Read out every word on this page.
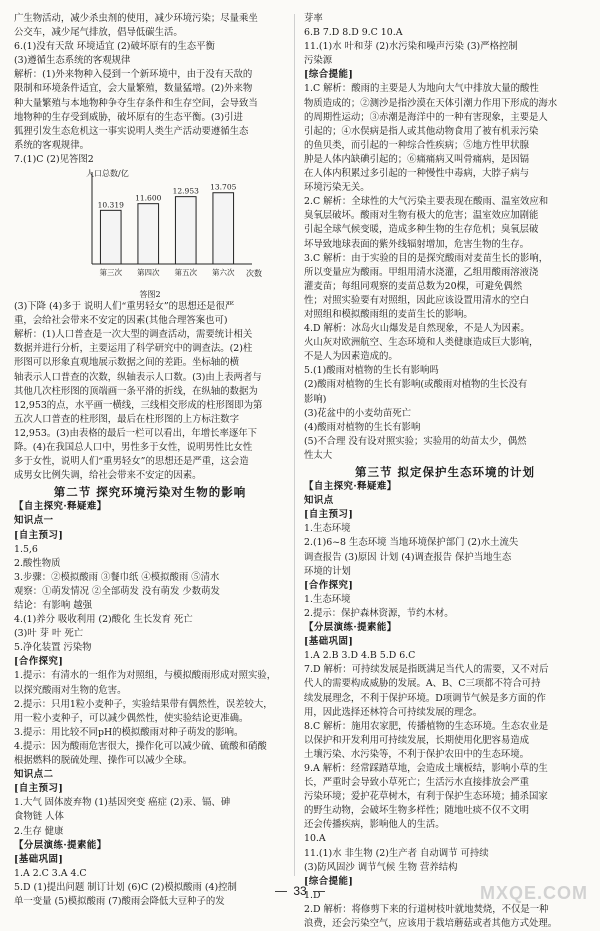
广生物活动，减少杀虫剂的使用，减少环境污染；尽量乘坐
公交车，减少尾气排放，倡导低碳生活。
6.(1)没有天敌 环境适宜 (2)破坏原有的生态平衡
(3)遵循生态系统的客观规律
解析：(1)外来物种入侵到一个新环境中，由于没有天敌的
限制和环境条件适宜，会大量繁殖，数量猛增。(2)外来物
种大量繁殖与本地物种争夺生存条件和生存空间，会导致当
地物种的生存受到威胁，破坏原有的生态平衡。(3)引进
狐狸引发生态危机这一事实说明人类生产活动要遵循生态
系统的客观规律。
7.(1)C (2)见答图2
人口总数/亿
次数
10.319
第三次
11.600
第四次
12.953
第五次
13.705
第六次
答图2
(3)下降 (4)多于 说明人们“重男轻女”的思想还是很严
重，会给社会带来不安定的因素(其他合理答案也可)
解析：(1)人口普查是一次大型的调查活动，需要统计相关
数据并进行分析，主要运用了科学研究中的调查法。(2)柱
形图可以形象直观地展示数据之间的差距。坐标轴的横
轴表示人口普查的次数，纵轴表示人口数。(3)由上表两者与
其他几次柱形图的顶端画一条平滑的折线，在纵轴的数据为
12,953的点，水平画一横线，三线相交形成的柱形图即为第
五次人口普查的柱形图，最后在柱形图的上方标注数字
12,953。(3)由表格的最后一栏可以看出，年增长率逐年下
降。(4)在我国总人口中，男性多于女性，说明男性比女性
多于女性，说明人们“重男轻女”的思想还是严重，这会造
成男女比例失调，给社会带来不安定的因素。
第二节 探究环境污染对生物的影响
【自主探究·释疑难】
知识点一
[自主预习]
1.5,6
2.酸性物质
3.步骤：②模拟酸雨 ③餐巾纸 ④模拟酸雨 ⑤清水
观察：①萌发情况 ②全部萌发 没有萌发 少数萌发
结论：有影响 越强
4.(1)养分 吸收利用 (2)酸化 生长发育 死亡
(3)叶 芽 叶 死亡
5.净化装置 污染物
[合作探究]
1.提示：有清水的一组作为对照组，与模拟酸雨形成对照实验，
以探究酸雨对生物的危害。
2.提示：只用1粒小麦种子，实验结果带有偶然性，误差较大，
用一粒小麦种子，可以减少偶然性，使实验结论更准确。
3.提示：用比较不同pH的模拟酸雨对种子萌发的影响。
4.提示：因为酸雨危害很大，操作化可以减少硫、硫酸和硝酸
根据燃料的脱硫处理、操作可以减少全球。
知识点二
[自主预习]
1.大气 固体废弃物 (1)基因突变 癌症 (2)汞、镉、砷
食物链 人体
2.生存 健康
【分层演练·提素能】
[基础巩固]
1.A 2.C 3.A 4.C
5.D (1)提出问题 制订计划 (6)C (2)模拟酸雨 (4)控制
单一变量 (5)模拟酸雨 (7)酸雨会降低大豆种子的发
芽率
6.B 7.D 8.D 9.C 10.A
11.(1)水 叶和芽 (2)水污染和噪声污染 (3)严格控制
污染源
[综合提能]
1.C 解析：酸雨的主要是人为地向大气中排放大量的酸性
物质造成的；②测沙是指沙漠在天体引潮力作用下形成的海水
的周期性运动；③赤潮是海洋中的一种有害现象，主要是人
引起的；④水俣病是指人或其他动物食用了被有机汞污染
的鱼贝类，而引起的一种综合性疾病；⑤地方性甲状腺
肿是人体内缺碘引起的；⑥痛痛病又叫骨痛病，是因镉
在人体内积累过多引起的一种慢性中毒病，大脖子病与
环境污染无关。
2.C 解析：全球性的大气污染主要表现在酸雨、温室效应和
臭氧层破坏。酸雨对生物有极大的危害；温室效应加剧能
引起全球气候变暖，造成多种生物的生存危机；臭氧层破
坏导致地球表面的紫外线辐射增加，危害生物的生存。
3.C 解析：由于实验的目的是探究酸雨对麦苗生长的影响，
所以变量应为酸雨。甲组用清水浇灌，乙组用酸雨溶液浇
灌麦苗；每组同观察的麦苗总数为20棵，可避免偶然
性；对照实验要有对照组，因此应该设置用清水的空白
对照组和模拟酸雨组的麦苗生长的影响。
4.D 解析：冰岛火山爆发是自然现象，不是人为因素。
火山灰对欧洲航空、生态环境和人类健康造成巨大影响，
不是人为因素造成的。
5.(1)酸雨对植物的生长有影响吗
(2)酸雨对植物的生长有影响(或酸雨对植物的生长没有
影响)
(3)花盆中的小麦幼苗死亡
(4)酸雨对植物的生长有影响
(5)不合理 没有设对照实验；实验用的幼苗太少，偶然
性太大
第三节 拟定保护生态环境的计划
【自主探究·释疑难】
知识点
[自主预习]
1.生态环境
2.(1)6~8 生态环境 当地环境保护部门 (2)水土流失
调查报告 (3)原因 计划 (4)调查报告 保护当地生态
环境的计划
[合作探究]
1.生态环境
2.提示：保护森林资源，节约木材。
【分层演练·提素能】
[基础巩固]
1.A 2.B 3.D 4.B 5.D 6.C
7.D 解析：可持续发展是指既满足当代人的需要，又不对后
代人的需要构成威胁的发展。A、B、C三项都不符合可持
续发展理念，不利于保护环境。D项调节气候是多方面的作
用，因此选择还林符合可持续发展的理念。
8.C 解析：施用农家肥，传播植物的生态环境。生态农业是
以保护和开发利用可持续发展，长期使用化肥容易造成
土壤污染、水污染等，不利于保护农田中的生态环境。
9.A 解析：经常踩踏草地，会造成土壤板结，影响小草的生
长，严重时会导致小草死亡；生活污水直接排放会严重
污染环境；爱护花草树木，有利于保护生态环境；捕杀国家
的野生动物，会破坏生物多样性；随地吐痰不仅不文明
还会传播疾病，影响他人的生活。
10.A
11.(1)水 非生物 (2)生产者 自动调节 可持续
(3)防风固沙 调节气候 生物 营养结构
[综合提能]
1.D
2.D 解析：将修剪下来的行道树枝叶就地焚烧，不仅是一种
浪费，还会污染空气，应该用于栽培蘑菇或者其他方式处理。
33	MXQE.COM
